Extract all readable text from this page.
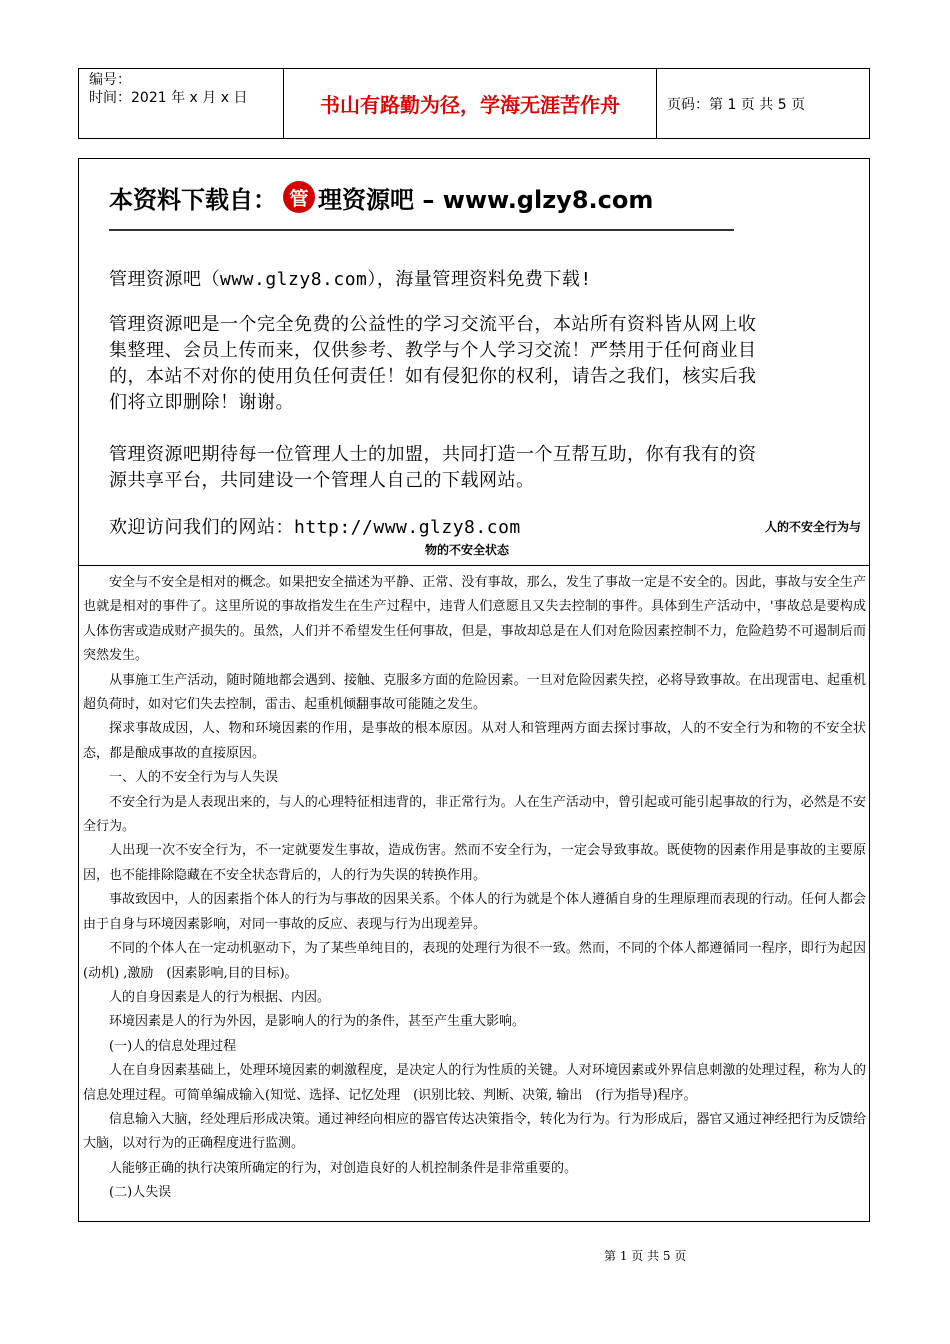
编号：
时间：2021 年 x 月 x 日	书山有路勤为径，学海无涯苦作舟	页码：第 1 页 共 5 页
本资料下载自： 管 理资源吧 – www.glzy8.com

管理资源吧（www.glzy8.com），海量管理资料免费下载!

管理资源吧是一个完全免费的公益性的学习交流平台，本站所有资料皆从网上收集整理、会员上传而来，仅供参考、教学与个人学习交流！严禁用于任何商业目的，本站不对你的使用负任何责任！如有侵犯你的权利，请告之我们，核实后我们将立即删除！谢谢。

管理资源吧期待每一位管理人士的加盟，共同打造一个互帮互助，你有我有的资源共享平台，共同建设一个管理人自己的下载网站。

欢迎访问我们的网站：http://www.glzy8.com	人的不安全行为与
物的不安全状态

安全与不安全是相对的概念。如果把安全描述为平静、正常、没有事故，那么，发生了事故一定是不安全的。因此，事故与安全生产也就是相对的事件了。这里所说的事故指发生在生产过程中，违背人们意愿且又失去控制的事件。具体到生产活动中，'事故总是要构成人体伤害或造成财产损失的。虽然，人们并不希望发生任何事故，但是，事故却总是在人们对危险因素控制不力，危险趋势不可遏制后而突然发生。

从事施工生产活动，随时随地都会遇到、接触、克服多方面的危险因素。一旦对危险因素失控，必将导致事故。在出现雷电、起重机超负荷时，如对它们失去控制，雷击、起重机倾翻事故可能随之发生。

探求事故成因，人、物和环境因素的作用，是事故的根本原因。从对人和管理两方面去探讨事故，人的不安全行为和物的不安全状态，都是酿成事故的直接原因。

一、人的不安全行为与人失误

不安全行为是人表现出来的，与人的心理特征相违背的，非正常行为。人在生产活动中，曾引起或可能引起事故的行为，必然是不安全行为。

人出现一次不安全行为，不一定就要发生事故，造成伤害。然而不安全行为，一定会导致事故。既使物的因素作用是事故的主要原因，也不能排除隐藏在不安全状态背后的，人的行为失误的转换作用。

事故致因中，人的因素指个体人的行为与事故的因果关系。个体人的行为就是个体人遵循自身的生理原理而表现的行动。任何人都会由于自身与环境因素影响，对同一事故的反应、表现与行为出现差异。

不同的个体人在一定动机驱动下，为了某些单纯目的，表现的处理行为很不一致。然而，不同的个体人都遵循同一程序，即行为起因　(动机) ,激励　(因素影响,目的目标)。

人的自身因素是人的行为根据、内因。

环境因素是人的行为外因，是影响人的行为的条件，甚至产生重大影响。

(一)人的信息处理过程

人在自身因素基础上，处理环境因素的刺激程度，是决定人的行为性质的关键。人对环境因素或外界信息刺激的处理过程，称为人的信息处理过程。可简单编成输入(知觉、选择、记忆处理　(识别比较、判断、决策, 输出　(行为指导)程序。

信息输入大脑，经处理后形成决策。通过神经向相应的器官传达决策指令，转化为行为。行为形成后，器官又通过神经把行为反馈给大脑，以对行为的正确程度进行监测。

人能够正确的执行决策所确定的行为，对创造良好的人机控制条件是非常重要的。

(二)人失误

第 1 页 共 5 页
